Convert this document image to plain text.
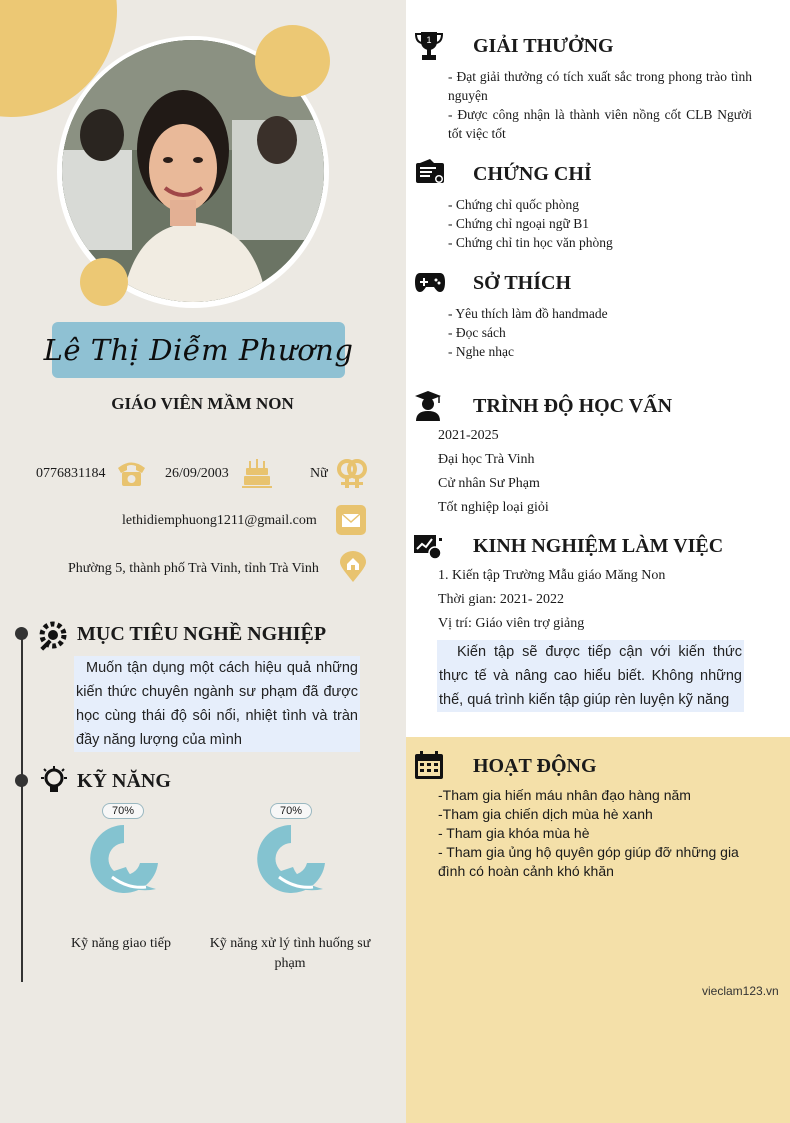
Lê Thị Diễm Phương
GIÁO VIÊN MẦM NON
0776831184	26/09/2003	Nữ
lethidiemphuong1211@gmail.com
Phường 5, thành phố Trà Vinh, tỉnh Trà Vinh
MỤC TIÊU NGHỀ NGHIỆP
Muốn tận dụng một cách hiệu quả những kiến thức chuyên ngành sư phạm đã được học cùng thái độ sôi nổi, nhiệt tình và tràn đầy năng lượng của mình
KỸ NĂNG
70%
Kỹ năng giao tiếp
70%
Kỹ năng xử lý tình huống sư phạm
1 GIẢI THƯỞNG
- Đạt giải thưởng có tích xuất sắc trong phong trào tình nguyện
- Được công nhận là thành viên nồng cốt CLB Người tốt việc tốt
CHỨNG CHỈ
- Chứng chỉ quốc phòng
- Chứng chỉ ngoại ngữ B1
- Chứng chỉ tin học văn phòng
SỞ THÍCH
- Yêu thích làm đồ handmade
- Đọc sách
- Nghe nhạc
TRÌNH ĐỘ HỌC VẤN
2021-2025
Đại học Trà Vinh
Cử nhân Sư Phạm
Tốt nghiệp loại giỏi
KINH NGHIỆM LÀM VIỆC
1. Kiến tập Trường Mẫu giáo Măng Non
Thời gian: 2021- 2022
Vị trí: Giáo viên trợ giảng
Kiến tập sẽ được tiếp cận với kiến thức thực tế và nâng cao hiểu biết. Không những thế, quá trình kiến tập giúp rèn luyện kỹ năng
HOẠT ĐỘNG
-Tham gia hiến máu nhân đạo hàng năm
-Tham gia chiến dịch mùa hè xanh
- Tham gia khóa mùa hè
- Tham gia ủng hộ quyên góp giúp đỡ những gia đình có hoàn cảnh khó khăn
vieclam123.vn
